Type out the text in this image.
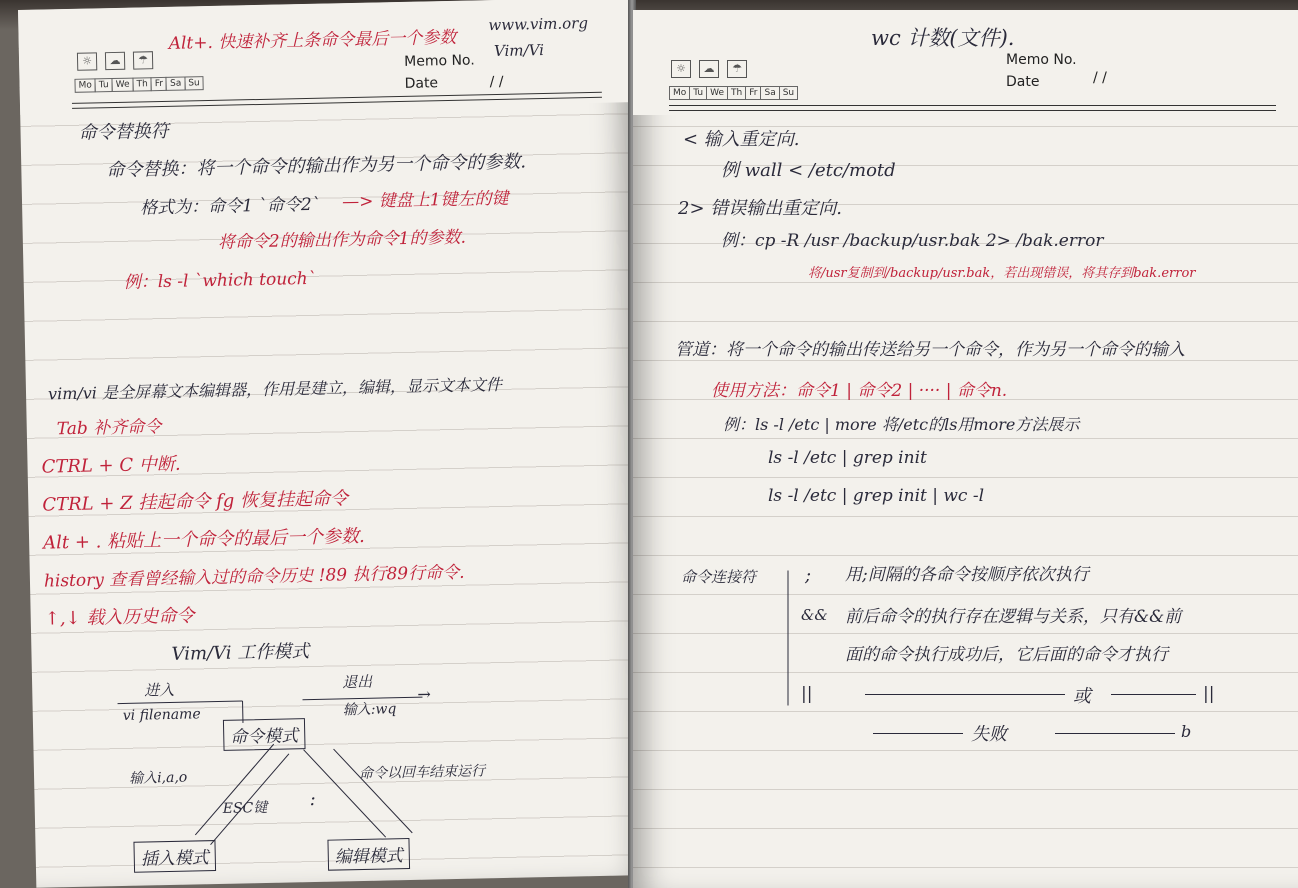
☼	☁	☂
Mo Tu We Th Fr Sa Su
Memo No.
Date	/ /
Alt+. 快速补齐上条命令最后一个参数
www.vim.org
Vim/Vi
命令替换符
命令替换：将一个命令的输出作为另一个命令的参数.
格式为：命令1 `命令2` —> 键盘上1键左的键
将命令2的输出作为命令1的参数.
例：ls -l `which touch`
vim/vi 是全屏幕文本编辑器，作用是建立，编辑，显示文本文件
Tab 补齐命令
CTRL + C 中断.
CTRL + Z 挂起命令 fg 恢复挂起命令
Alt + . 粘贴上一个命令的最后一个参数.
history 查看曾经输入过的命令历史 !89 执行89行命令.
↑,↓ 载入历史命令
Vim/Vi 工作模式
进入
vi filename
退出
输入:wq
→
命令模式
输入i,a,o
ESC键 :
命令以回车结束运行
插入模式	编辑模式
☼	☁	☂
Mo Tu We Th Fr Sa Su
Memo No.
Date	/ /
wc 计数(文件).
< 输入重定向.
例 wall < /etc/motd
2> 错误输出重定向.
例：cp -R /usr /backup/usr.bak 2> /bak.error
将/usr复制到/backup/usr.bak，若出现错误，将其存到bak.error
管道：将一个命令的输出传送给另一个命令，作为另一个命令的输入
使用方法：命令1 | 命令2 | ···· | 命令n.
例：ls -l /etc | more 将/etc的ls用more方法展示
ls -l /etc | grep init
ls -l /etc | grep init | wc -l
命令连接符	; 用;间隔的各命令按顺序依次执行
&& 前后命令的执行存在逻辑与关系，只有&&前
面的命令执行成功后，它后面的命令才执行
||	或	||
失败	b
